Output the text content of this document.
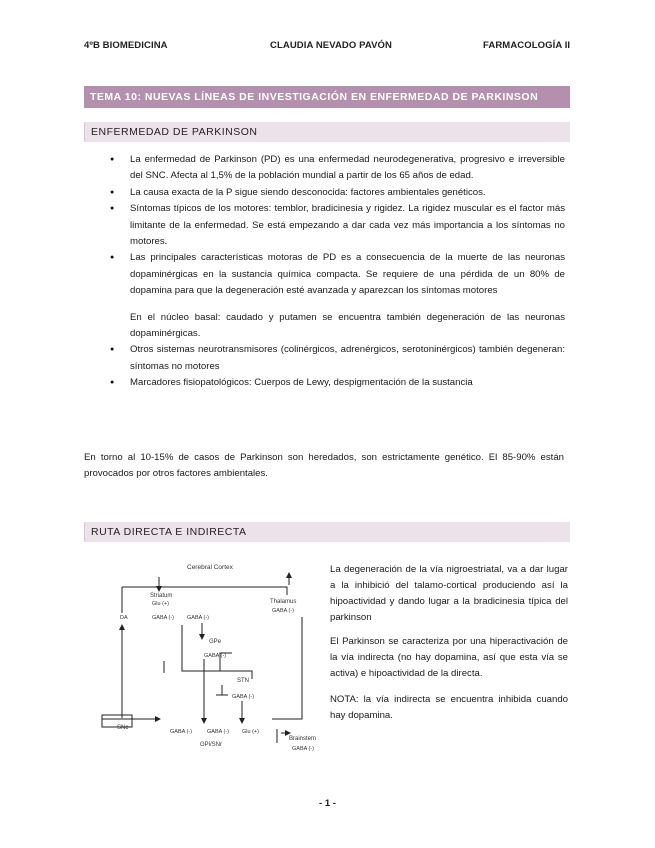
4ºB BIOMEDICINA	CLAUDIA NEVADO PAVÓN	FARMACOLOGÍA II
TEMA 10: NUEVAS LÍNEAS DE INVESTIGACIÓN EN ENFERMEDAD DE PARKINSON
ENFERMEDAD DE PARKINSON
● La enfermedad de Parkinson (PD) es una enfermedad neurodegenerativa, progresivo e irreversible del SNC. Afecta al 1,5% de la población mundial a partir de los 65 años de edad.
● La causa exacta de la P sigue siendo desconocida: factores ambientales genéticos.
● Síntomas típicos de los motores: temblor, bradicinesia y rigidez. La rigidez muscular es el factor más limitante de la enfermedad. Se está empezando a dar cada vez más importancia a los síntomas no motores.
● Las principales características motoras de PD es a consecuencia de la muerte de las neuronas dopaminérgicas en la sustancia química compacta. Se requiere de una pérdida de un 80% de dopamina para que la degeneración esté avanzada y aparezcan los síntomas motores
En el núcleo basal: caudado y putamen se encuentra también degeneración de las neuronas dopaminérgicas.
● Otros sistemas neurotransmisores (colinérgicos, adrenérgicos, serotoninérgicos) también degeneran: síntomas no motores
● Marcadores fisiopatológicos: Cuerpos de Lewy, despigmentación de la sustancia
En torno al 10-15% de casos de Parkinson son heredados, son estrictamente genético. El 85-90% están provocados por otros factores ambientales.
RUTA DIRECTA E INDIRECTA
Cerebral Cortex
Striatum
Glu (+)
DA	GABA (-) GABA (-)
Thalamus
GABA (-)
GPe
GABA (-)
STN
GABA (-)
SNc
GABA (-)	GABA (-) Glu (+)
GPi/SNr
Brainstem
GABA (-)
La degeneración de la vía nigroestriatal, va a dar lugar a la inhibició del talamo-cortical produciendo así la hipoactividad y dando lugar a la bradicinesia típica del parkinson
El Parkinson se caracteriza por una hiperactivación de la vía indirecta (no hay dopamina, así que esta vía se activa) e hipoactividad de la directa.
NOTA: la vía indirecta se encuentra inhibida cuando hay dopamina.
- 1 -
